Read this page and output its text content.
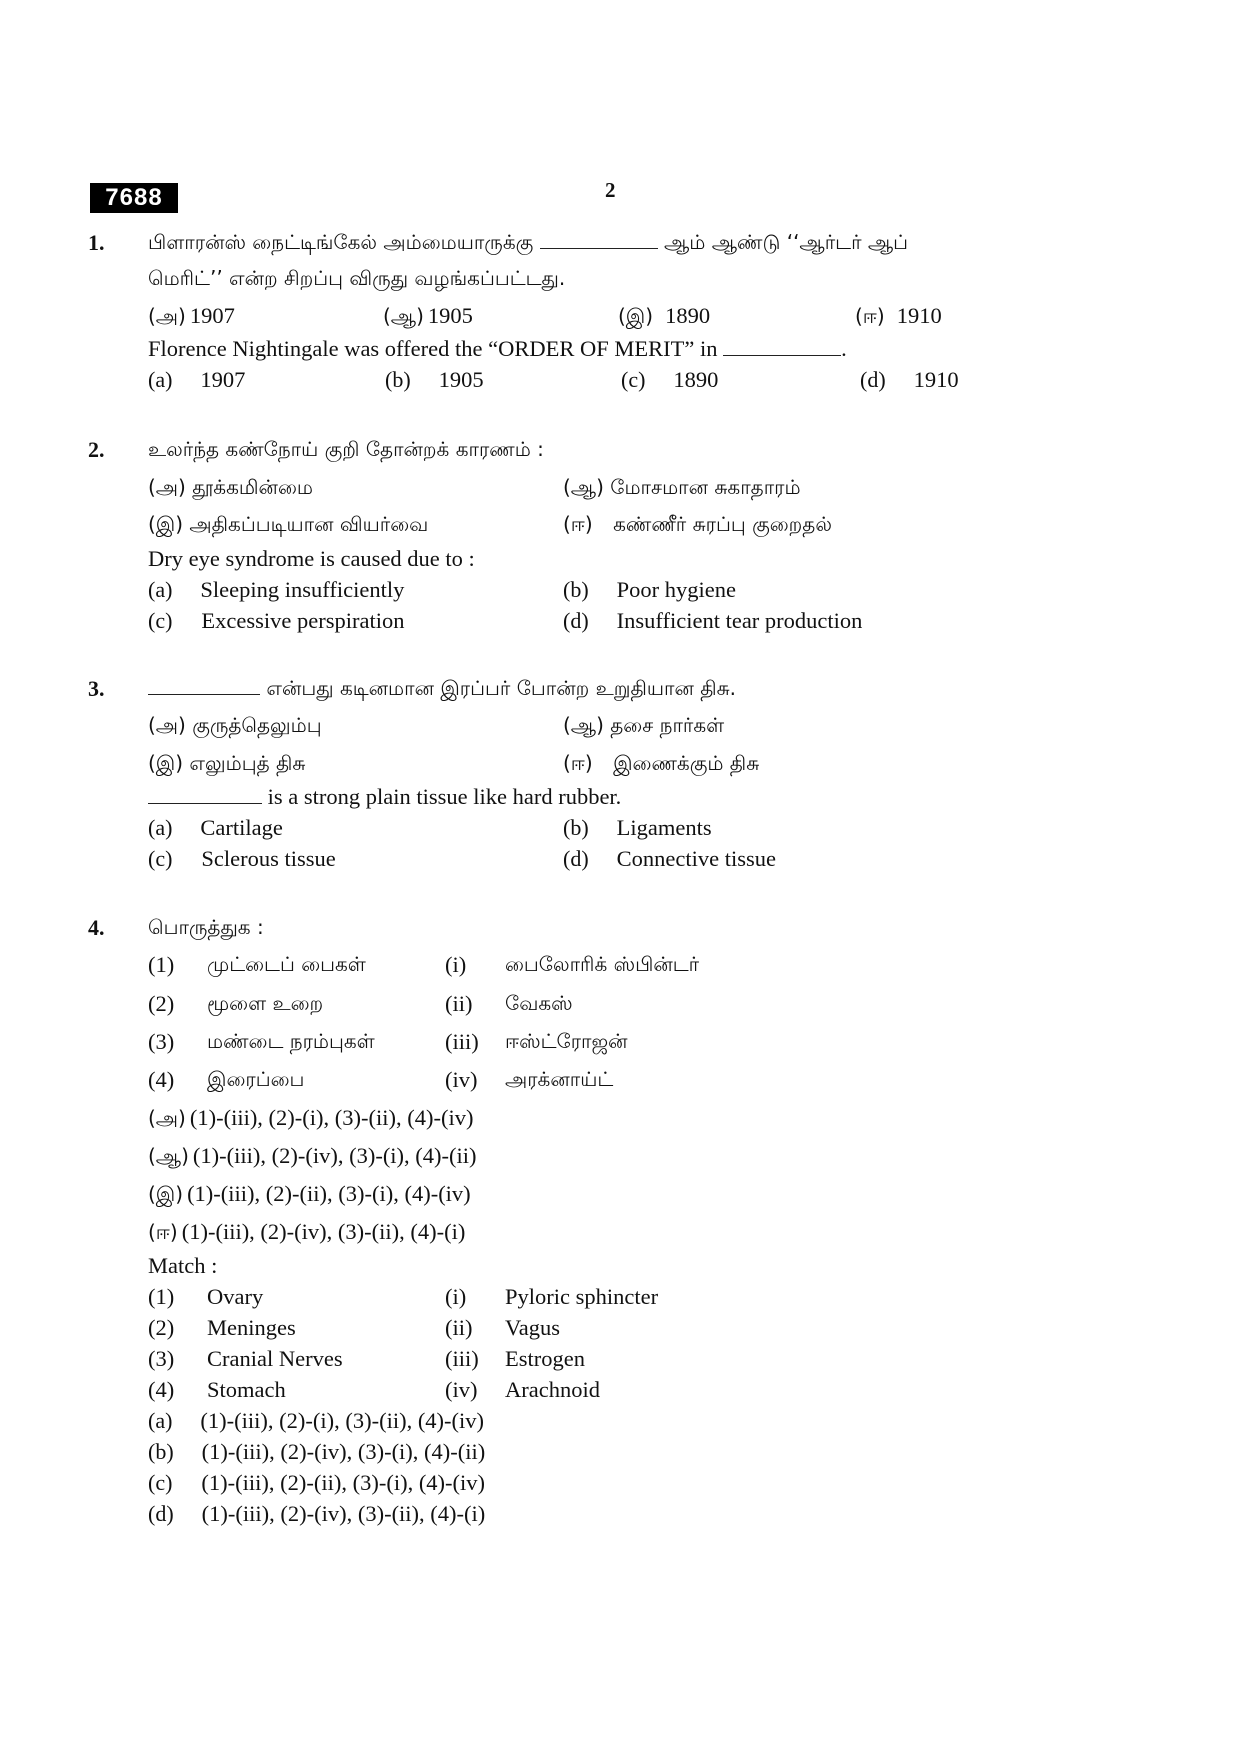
7688	2
1. பிளாரன்ஸ் நைட்டிங்கேல் அம்மையாருக்கு	ஆம் ஆண்டு ‘‘ஆர்டர் ஆப்
மெரிட்’’ என்ற சிறப்பு விருது வழங்கப்பட்டது.
(அ) 1907	(ஆ) 1905	(இ) 1890	(ஈ) 1910
Florence Nightingale was offered the “ORDER OF MERIT” in	.
(a) 1907	(b) 1905	(c) 1890	(d) 1910
2. உலர்ந்த கண்நோய் குறி தோன்றக் காரணம் :
(அ) தூக்கமின்மை	(ஆ) மோசமான சுகாதாரம்
(இ) அதிகப்படியான வியர்வை	(ஈ) கண்ணீர் சுரப்பு குறைதல்
Dry eye syndrome is caused due to :
(a) Sleeping insufficiently	(b) Poor hygiene
(c) Excessive perspiration	(d) Insufficient tear production
3.	என்பது கடினமான இரப்பர் போன்ற உறுதியான திசு.
(அ) குருத்தெலும்பு	(ஆ) தசை நார்கள்
(இ) எலும்புத் திசு	(ஈ) இணைக்கும் திசு
is a strong plain tissue like hard rubber.
(a) Cartilage	(b) Ligaments
(c) Sclerous tissue	(d) Connective tissue
4. பொருத்துக :
(1) முட்டைப் பைகள்	(i) பைலோரிக் ஸ்பின்டர்
(2) மூளை உறை	(ii) வேகஸ்
(3) மண்டை நரம்புகள்	(iii) ஈஸ்ட்ரோஜன்
(4) இரைப்பை	(iv) அரக்னாய்ட்
(அ) (1)-(iii), (2)-(i), (3)-(ii), (4)-(iv)
(ஆ) (1)-(iii), (2)-(iv), (3)-(i), (4)-(ii)
(இ) (1)-(iii), (2)-(ii), (3)-(i), (4)-(iv)
(ஈ) (1)-(iii), (2)-(iv), (3)-(ii), (4)-(i)
Match :
(1) Ovary	(i) Pyloric sphincter
(2) Meninges	(ii) Vagus
(3) Cranial Nerves	(iii) Estrogen
(4) Stomach	(iv) Arachnoid
(a) (1)-(iii), (2)-(i), (3)-(ii), (4)-(iv)
(b) (1)-(iii), (2)-(iv), (3)-(i), (4)-(ii)
(c) (1)-(iii), (2)-(ii), (3)-(i), (4)-(iv)
(d) (1)-(iii), (2)-(iv), (3)-(ii), (4)-(i)
